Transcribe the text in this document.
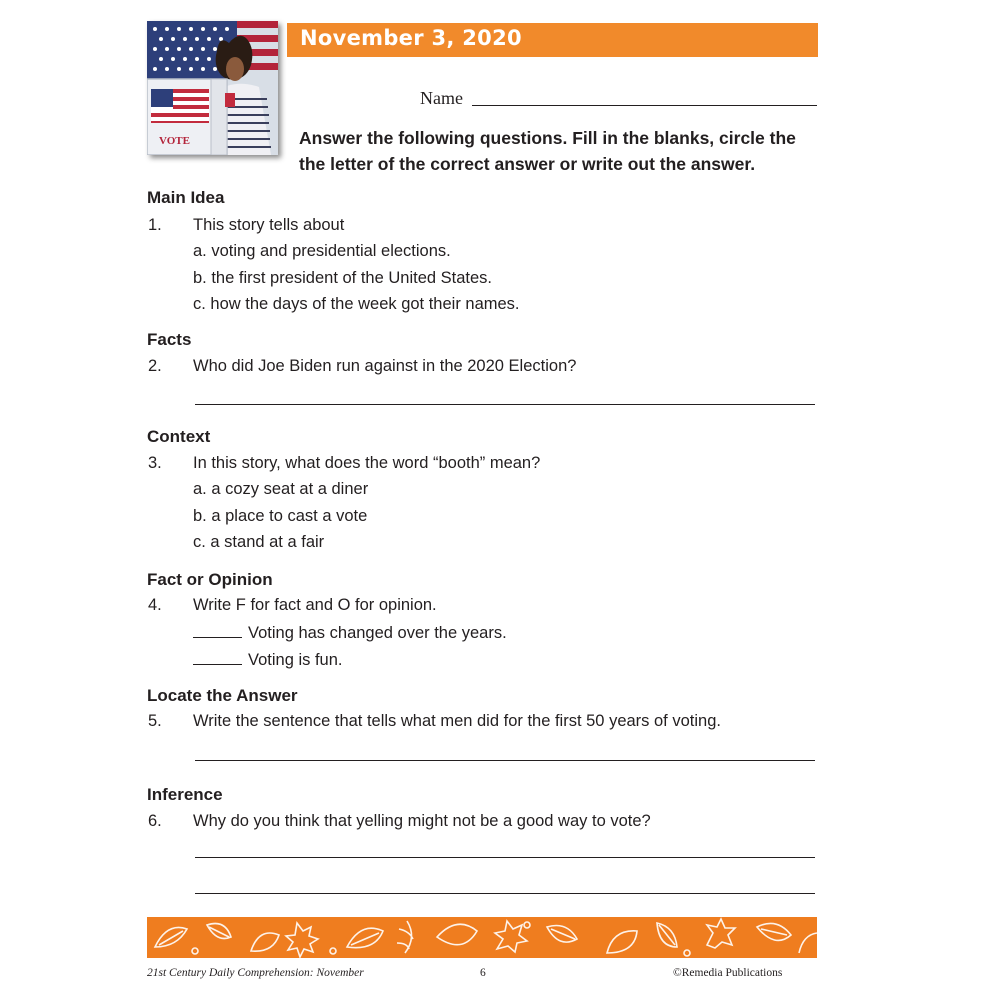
VOTE
November 3, 2020
Name
Answer the following questions. Fill in the blanks, circle the
the letter of the correct answer or write out the answer.
Main Idea
1. This story tells about
a. voting and presidential elections.
b. the first president of the United States.
c. how the days of the week got their names.
Facts
2. Who did Joe Biden run against in the 2020 Election?
Context
3. In this story, what does the word “booth” mean?
a. a cozy seat at a diner
b. a place to cast a vote
c. a stand at a fair
Fact or Opinion
4. Write F for fact and O for opinion.
Voting has changed over the years.
Voting is fun.
Locate the Answer
5. Write the sentence that tells what men did for the first 50 years of voting.
Inference
6. Why do you think that yelling might not be a good way to vote?
21st Century Daily Comprehension: November	6	©Remedia Publications
